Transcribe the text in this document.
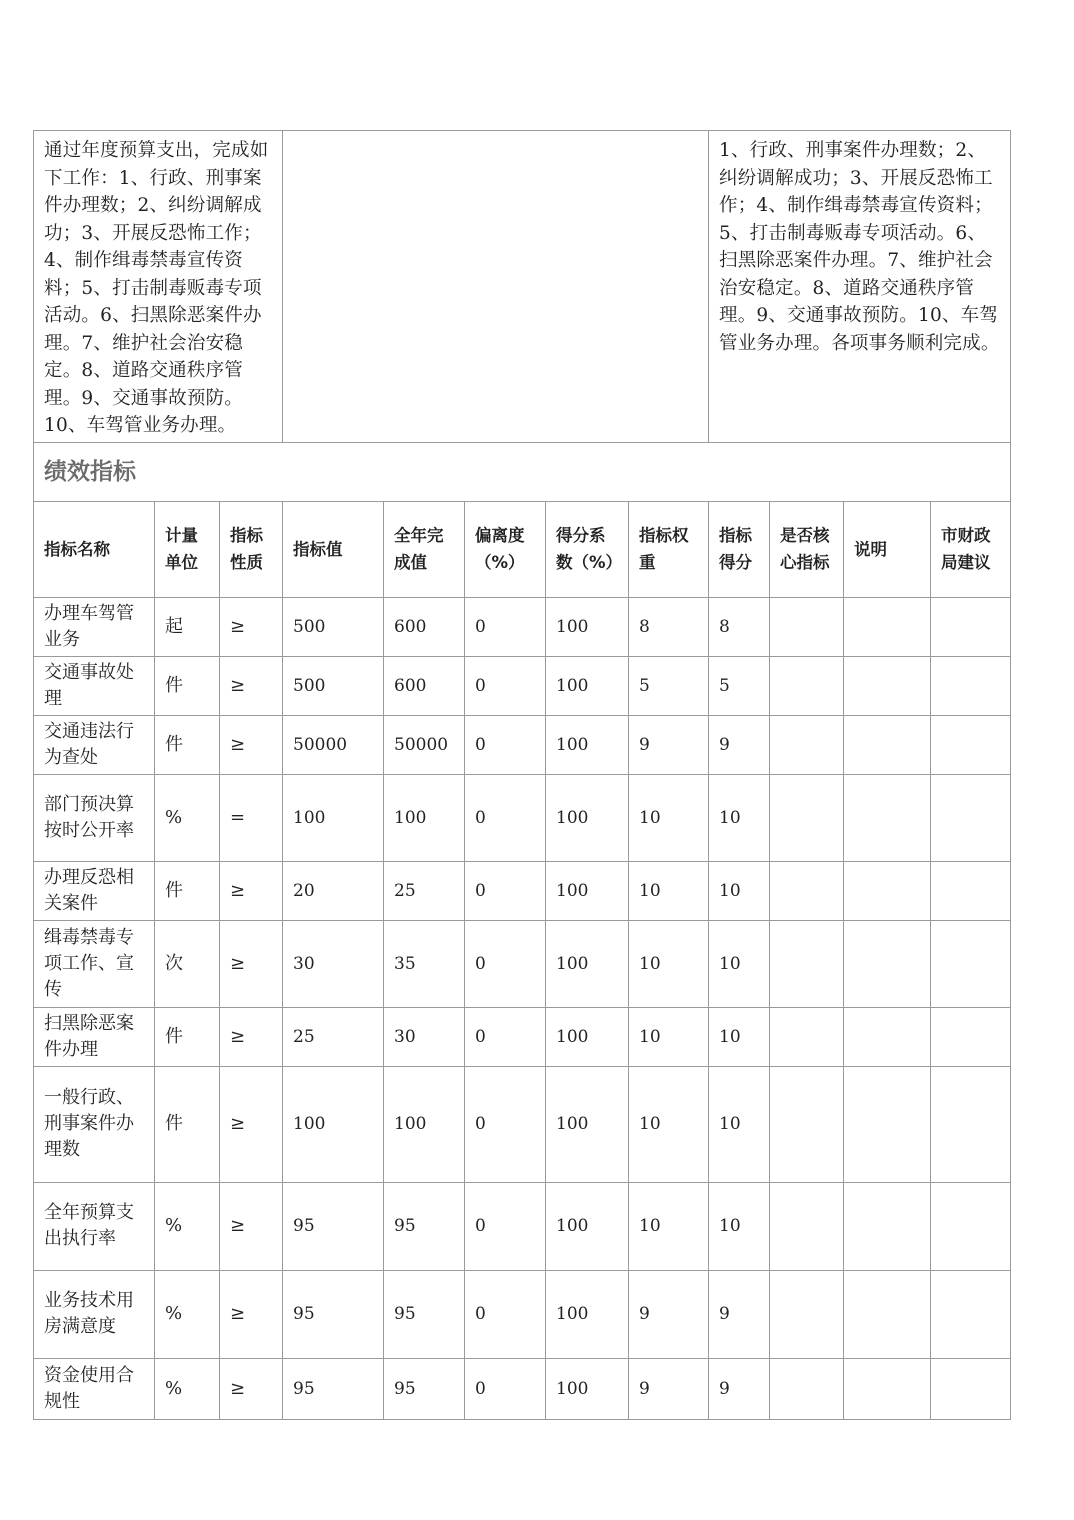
通过年度预算支出，完成如下工作：1、行政、刑事案件办理数；2、纠纷调解成功；3、开展反恐怖工作；4、制作缉毒禁毒宣传资料；5、打击制毒贩毒专项活动。6、扫黑除恶案件办理。7、维护社会治安稳定。8、道路交通秩序管理。9、交通事故预防。10、车驾管业务办理。								1、行政、刑事案件办理数；2、纠纷调解成功；3、开展反恐怖工作；4、制作缉毒禁毒宣传资料；5、打击制毒贩毒专项活动。6、扫黑除恶案件办理。7、维护社会治安稳定。8、道路交通秩序管理。9、交通事故预防。10、车驾管业务办理。各项事务顺利完成。			
绩效指标											
指标名称	计量单位	指标性质	指标值	全年完成值	偏离度（%）	得分系数（%）	指标权重	指标得分	是否核心指标	说明	市财政局建议
办理车驾管业务	起	≥	500	600	0	100	8	8			
交通事故处理	件	≥	500	600	0	100	5	5			
交通违法行为查处	件	≥	50000	50000	0	100	9	9			
部门预决算按时公开率	%	=	100	100	0	100	10	10			
办理反恐相关案件	件	≥	20	25	0	100	10	10			
缉毒禁毒专项工作、宣传	次	≥	30	35	0	100	10	10			
扫黑除恶案件办理	件	≥	25	30	0	100	10	10			
一般行政、刑事案件办理数	件	≥	100	100	0	100	10	10			
全年预算支出执行率	%	≥	95	95	0	100	10	10			
业务技术用房满意度	%	≥	95	95	0	100	9	9			
资金使用合规性	%	≥	95	95	0	100	9	9			
